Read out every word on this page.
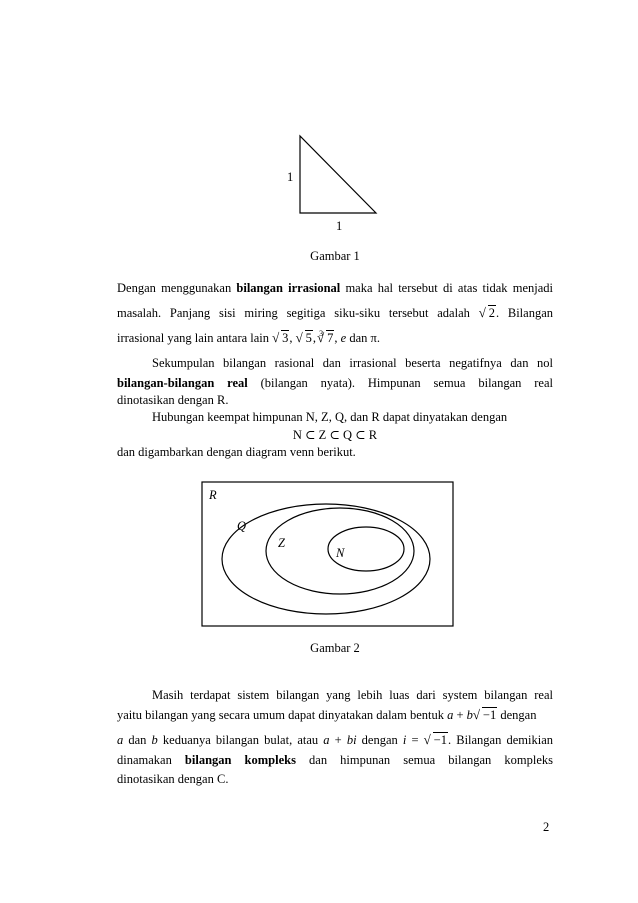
1
1
Gambar 1
Dengan menggunakan bilangan irrasional maka hal tersebut di atas tidak menjadi
masalah. Panjang sisi miring segitiga siku-siku tersebut adalah √ 2. Bilangan
irrasional yang lain antara lain √ 3, √ 5, $^3$ √ 7, e dan π.
Sekumpulan bilangan rasional dan irrasional beserta negatifnya dan nol
bilangan-bilangan real (bilangan nyata). Himpunan semua bilangan real
dinotasikan dengan R.
Hubungan keempat himpunan N, Z, Q, dan R dapat dinyatakan dengan
N ⊂ Z ⊂ Q ⊂ R
dan digambarkan dengan diagram venn berikut.
R
Q
Z
N
Gambar 2
Masih terdapat sistem bilangan yang lebih luas dari system bilangan real
yaitu bilangan yang secara umum dapat dinyatakan dalam bentuk a + b √ −1 dengan
a dan b keduanya bilangan bulat, atau a + bi dengan i = √ −1. Bilangan demikian
dinamakan bilangan kompleks dan himpunan semua bilangan kompleks
dinotasikan dengan C.
2
